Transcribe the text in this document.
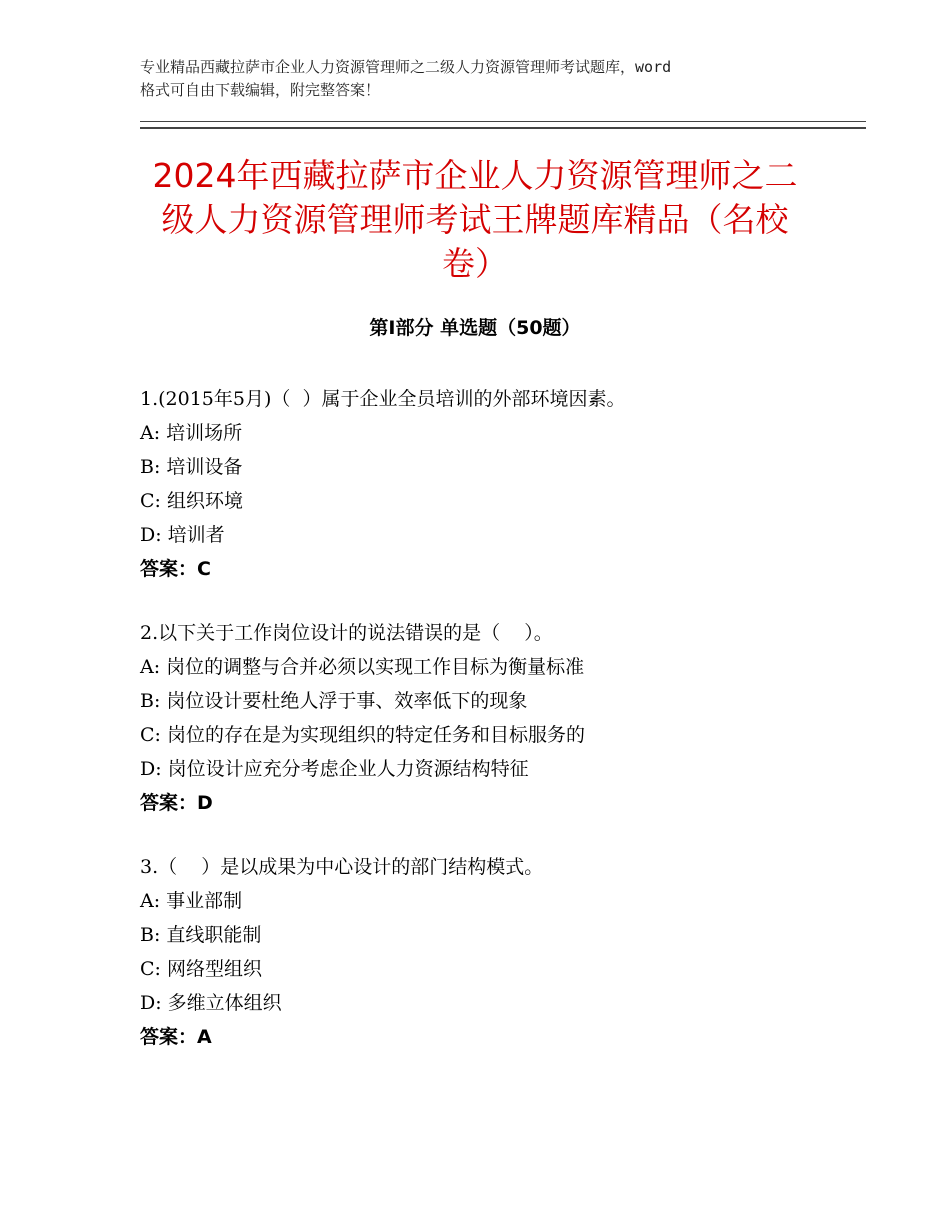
专业精品西藏拉萨市企业人力资源管理师之二级人力资源管理师考试题库，word
格式可自由下载编辑，附完整答案！
2024年西藏拉萨市企业人力资源管理师之二
级人力资源管理师考试王牌题库精品（名校
卷）
第Ⅰ部分 单选题（50题）
1.(2015年5月)（  ）属于企业全员培训的外部环境因素。
A: 培训场所
B: 培训设备
C: 组织环境
D: 培训者
答案：C
2.以下关于工作岗位设计的说法错误的是（    ）。
A: 岗位的调整与合并必须以实现工作目标为衡量标准
B: 岗位设计要杜绝人浮于事、效率低下的现象
C: 岗位的存在是为实现组织的特定任务和目标服务的
D: 岗位设计应充分考虑企业人力资源结构特征
答案：D
3.（    ）是以成果为中心设计的部门结构模式。
A: 事业部制
B: 直线职能制
C: 网络型组织
D: 多维立体组织
答案：A
